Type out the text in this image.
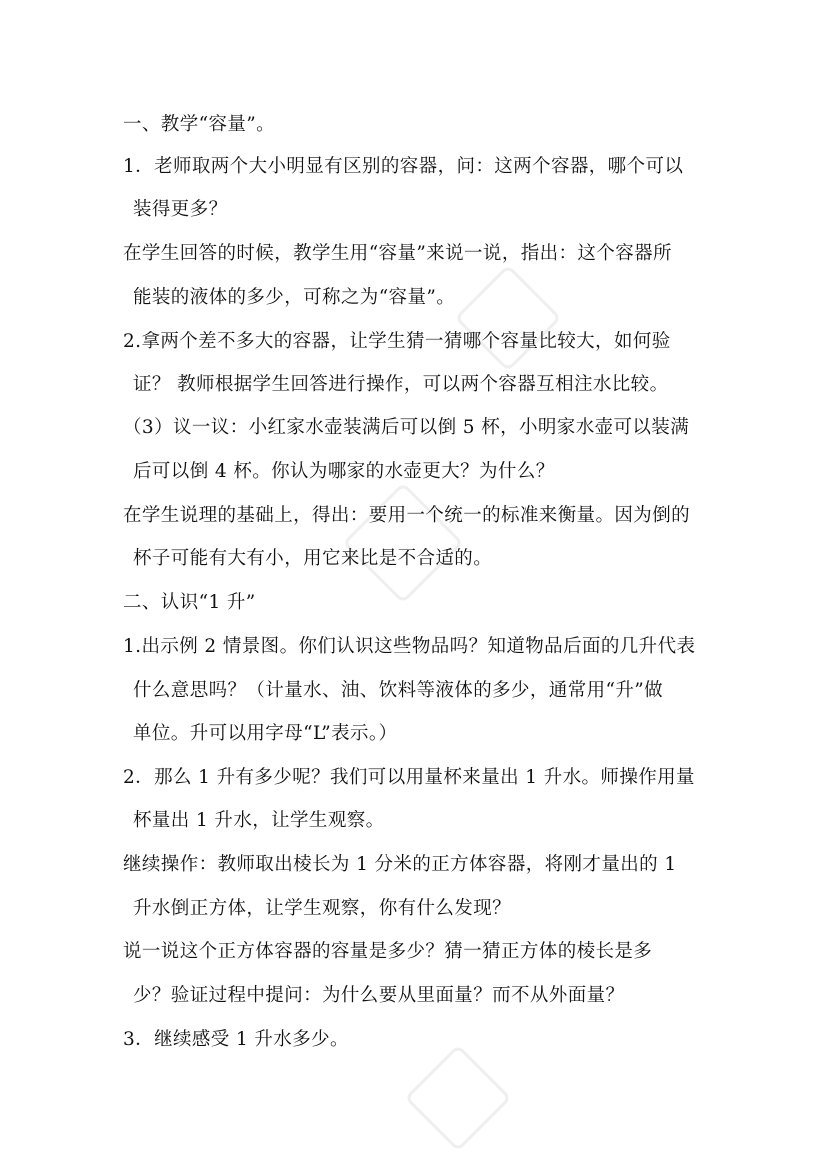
一、教学“容量”。
1．老师取两个大小明显有区别的容器，问：这两个容器，哪个可以
装得更多？
在学生回答的时候，教学生用“容量”来说一说，指出：这个容器所
能装的液体的多少，可称之为“容量”。
2.拿两个差不多大的容器，让学生猜一猜哪个容量比较大，如何验
证？ 教师根据学生回答进行操作，可以两个容器互相注水比较。
（3）议一议：小红家水壶装满后可以倒 5 杯，小明家水壶可以装满
后可以倒 4 杯。你认为哪家的水壶更大？为什么？
在学生说理的基础上，得出：要用一个统一的标准来衡量。因为倒的
杯子可能有大有小，用它来比是不合适的。
二、认识“1 升”
1.出示例 2 情景图。你们认识这些物品吗？知道物品后面的几升代表
什么意思吗？（计量水、油、饮料等液体的多少，通常用“升”做
单位。升可以用字母“L”表示。）
2．那么 1 升有多少呢？我们可以用量杯来量出 1 升水。师操作用量
杯量出 1 升水，让学生观察。
继续操作：教师取出棱长为 1 分米的正方体容器，将刚才量出的 1
升水倒正方体，让学生观察，你有什么发现？
说一说这个正方体容器的容量是多少？猜一猜正方体的棱长是多
少？验证过程中提问：为什么要从里面量？而不从外面量？
3．继续感受 1 升水多少。
